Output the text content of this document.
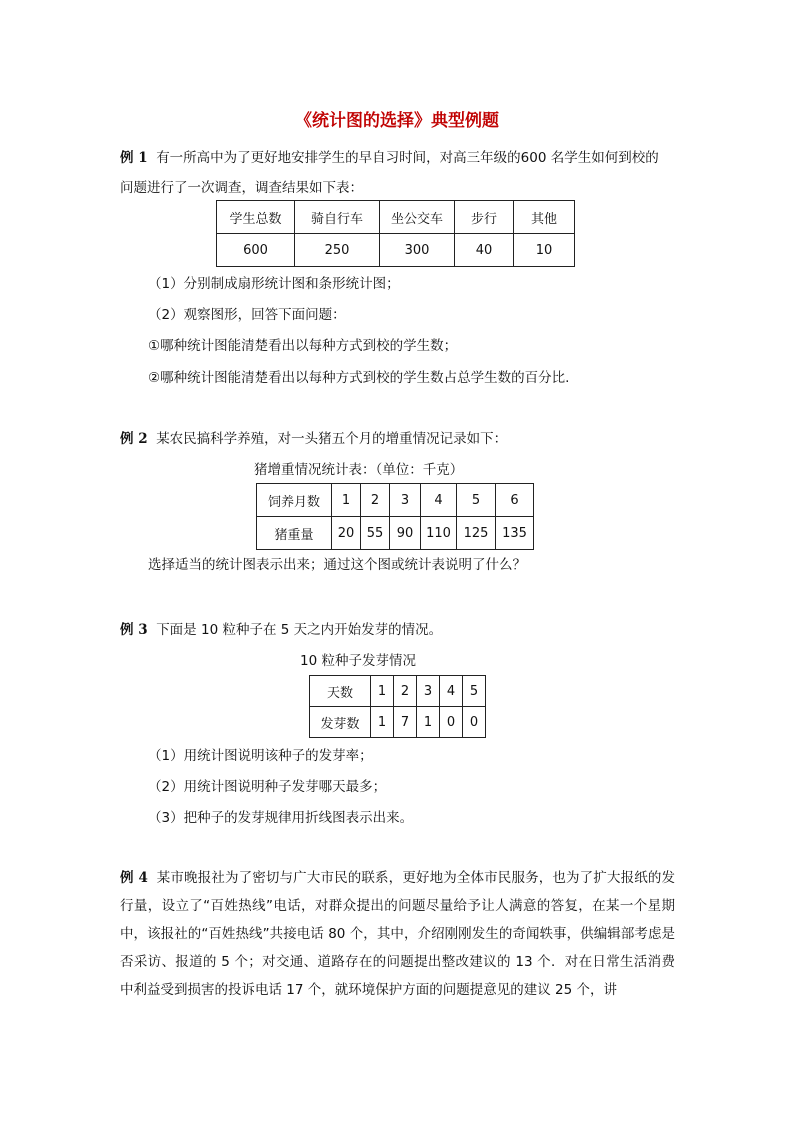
《统计图的选择》典型例题
例 1 有一所高中为了更好地安排学生的早自习时间，对高三年级的600 名学生如何到校的
问题进行了一次调查，调查结果如下表：
学生总数	骑自行车	坐公交车	步行	其他
600	250	300	40	10
（1）分别制成扇形统计图和条形统计图；
（2）观察图形，回答下面问题：
①哪种统计图能清楚看出以每种方式到校的学生数；
②哪种统计图能清楚看出以每种方式到校的学生数占总学生数的百分比.
例 2 某农民搞科学养殖，对一头猪五个月的增重情况记录如下：
猪增重情况统计表：（单位：千克）
饲养月数	1	2	3	4	5	6
猪重量	20	55	90	110	125	135
选择适当的统计图表示出来；通过这个图或统计表说明了什么？
例 3 下面是 10 粒种子在 5 天之内开始发芽的情况。
10 粒种子发芽情况
天数	1	2	3	4	5
发芽数	1	7	1	0	0
（1）用统计图说明该种子的发芽率；
（2）用统计图说明种子发芽哪天最多；
（3）把种子的发芽规律用折线图表示出来。
例 4 某市晚报社为了密切与广大市民的联系，更好地为全体市民服务，也为了扩大报纸的发行量，设立了“百姓热线”电话，对群众提出的问题尽量给予让人满意的答复，在某一个星期中，该报社的“百姓热线”共接电话 80 个，其中，介绍刚刚发生的奇闻轶事，供编辑部考虑是否采访、报道的 5 个；对交通、道路存在的问题提出整改建议的 13 个．对在日常生活消费中利益受到损害的投诉电话 17 个，就环境保护方面的问题提意见的建议 25 个，讲
